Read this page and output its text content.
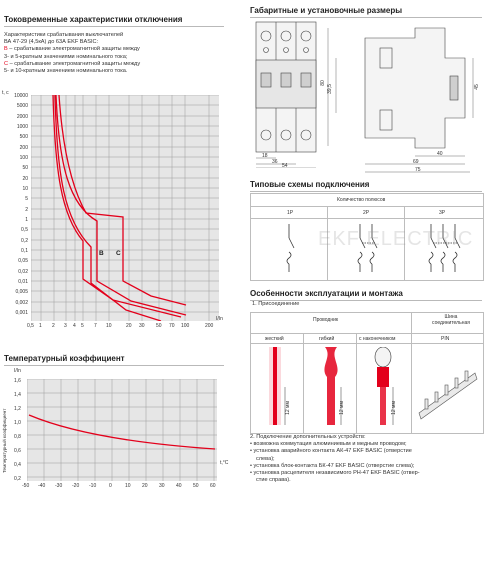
Токовременные характеристики отключения
Характеристики срабатывания выключателей
ВА 47-29 (4,5кА) до 63А EKF BASIC:
B – срабатывание электромагнитной защиты между
3- и 5-кратным значениями номинального тока;
C – срабатывание электромагнитной защиты между
5- и 10-кратным значением номинального тока.
t, с 10000
5000
2000
1000
500
200
100
50
20
10
5
2
1
0,5
0,2
0,1
0,05
0,02
0,01
0,005
0,002
0,001
B C
0,5 1 2 3 4 5 7 10	20 30 50 70 100	200
I/In
Температурный коэффициент
I/In
Температурный коэффициент
1,6
1,4
1,2
1,0
0,8
0,6
0,4
0,2
-50 -40 -30 -20 -10	0	10 20 30 40 50 60
t,°C
Габаритные и установочные размеры
18
36
54
80
39,5
40
69
75
45
Типовые схемы подключения
Количество полюсов
1P	2P	3P
EKF ELECTRIC
Особенности эксплуатации и монтажа
1. Присоединение
Проводник	Шина соединительная
жесткий	гибкий	с наконечником	PIN
12 мм	12 мм	12 мм
2. Подключение дополнительных устройств:
• возможна коммутация алюминиевым и медным проводом;
• установка аварийного контакта АК-47 EKF BASIC (отверстие
слева);
• установка блок-контакта БК-47 EKF BASIC (отверстие слева);
• установка расцепителя независимого РН-47 EKF BASIC (отвер-
стие справа).
